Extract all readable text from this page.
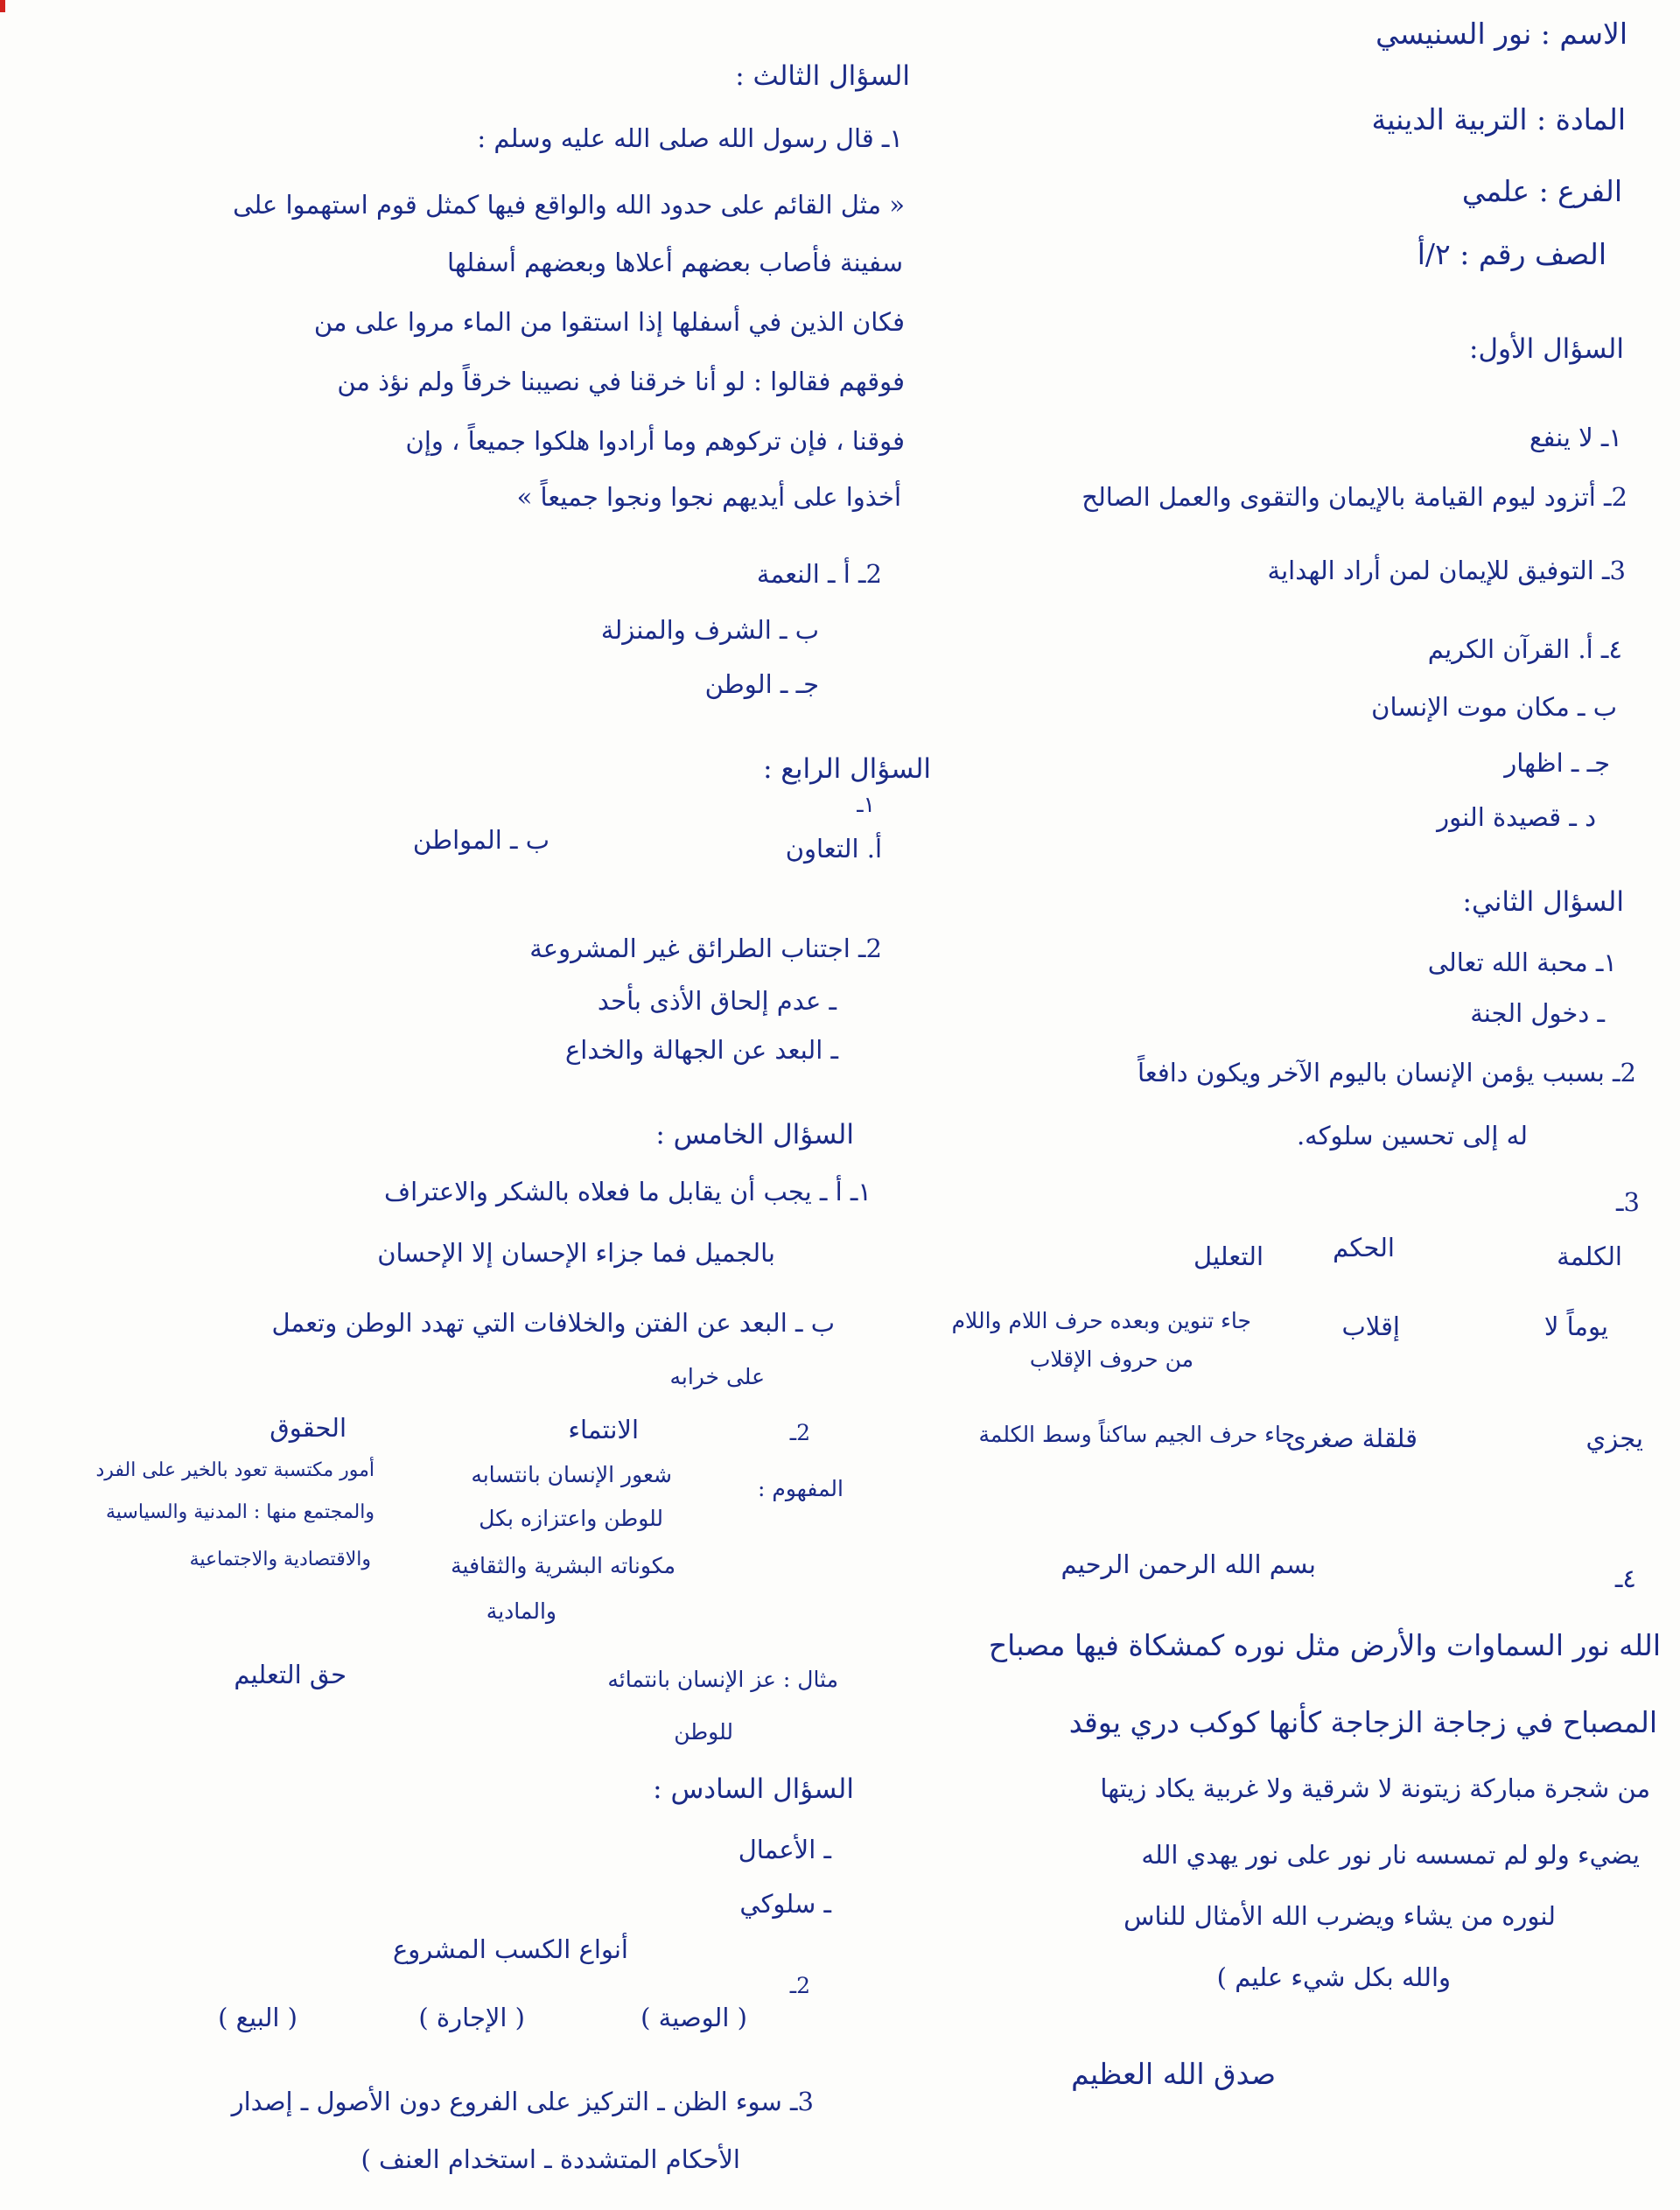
الاسم : نور السنيسي
المادة : التربية الدينية
الفرع : علمي
الصف رقم : ٢/أ
السؤال الأول:
١ـ لا ينفع
2ـ أتزود ليوم القيامة بالإيمان والتقوى والعمل الصالح
3ـ التوفيق للإيمان لمن أراد الهداية
٤ـ أ. القرآن الكريم
ب ـ مكان موت الإنسان
جـ ـ اظهار
د ـ قصيدة النور
السؤال الثاني:
١ـ محبة الله تعالى
ـ دخول الجنة
2ـ بسبب يؤمن الإنسان باليوم الآخر ويكون دافعاً
له إلى تحسين سلوكه.
3ـ
الكلمة
الحكم
التعليل
يوماً لا
إقلاب
جاء تنوين وبعده حرف اللام واللام
من حروف الإقلاب
يجزي
قلقلة صغرى
جاء حرف الجيم ساكناً وسط الكلمة
٤ـ
بسم الله الرحمن الرحيم
الله نور السماوات والأرض مثل نوره كمشكاة فيها مصباح
المصباح في زجاجة الزجاجة كأنها كوكب دري يوقد
من شجرة مباركة زيتونة لا شرقية ولا غربية يكاد زيتها
يضيء ولو لم تمسسه نار نور على نور يهدي الله
لنوره من يشاء ويضرب الله الأمثال للناس
والله بكل شيء عليم )
صدق الله العظيم
السؤال الثالث :
١ـ قال رسول الله صلى الله عليه وسلم :
« مثل القائم على حدود الله والواقع فيها كمثل قوم استهموا على
سفينة فأصاب بعضهم أعلاها وبعضهم أسفلها
فكان الذين في أسفلها إذا استقوا من الماء مروا على من
فوقهم فقالوا : لو أنا خرقنا في نصيبنا خرقاً ولم نؤذ من
فوقنا ، فإن تركوهم وما أرادوا هلكوا جميعاً ، وإن
أخذوا على أيديهم نجوا ونجوا جميعاً »
2ـ أ ـ النعمة
ب ـ الشرف والمنزلة
جـ ـ الوطن
السؤال الرابع :
١ـ
أ. التعاون
ب ـ المواطن
2ـ اجتناب الطرائق غير المشروعة
ـ عدم إلحاق الأذى بأحد
ـ البعد عن الجهالة والخداع
السؤال الخامس :
١ـ أ ـ يجب أن يقابل ما فعلاه بالشكر والاعتراف
بالجميل فما جزاء الإحسان إلا الإحسان
ب ـ البعد عن الفتن والخلافات التي تهدد الوطن وتعمل
على خرابه
2ـ
الانتماء
الحقوق
المفهوم :
شعور الإنسان بانتسابه
للوطن واعتزازه بكل
مكوناته البشرية والثقافية
والمادية
أمور مكتسبة تعود بالخير على الفرد
والمجتمع منها : المدنية والسياسية
والاقتصادية والاجتماعية
مثال : عز الإنسان بانتمائه
للوطن
حق التعليم
السؤال السادس :
ـ الأعمال
ـ سلوكي
2ـ
أنواع الكسب المشروع
( الوصية )
( الإجارة )
( البيع )
3ـ سوء الظن ـ التركيز على الفروع دون الأصول ـ إصدار
الأحكام المتشددة ـ استخدام العنف )
